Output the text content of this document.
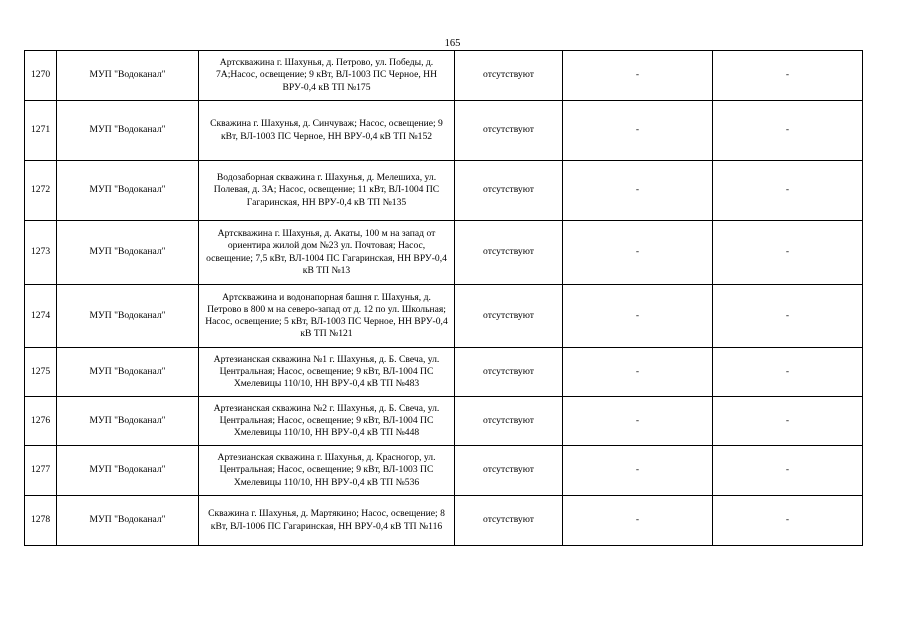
165
1270	МУП "Водоканал"	Артскважина г. Шахунья, д. Петрово, ул. Победы, д. 7А;Насос, освещение; 9 кВт, ВЛ-1003 ПС Черное, НН ВРУ-0,4 кВ ТП №175	отсутствуют	-	-
1271	МУП "Водоканал"	Скважина г. Шахунья, д. Синчуваж; Насос, освещение; 9 кВт, ВЛ-1003 ПС Черное, НН ВРУ-0,4 кВ ТП №152	отсутствуют	-	-
1272	МУП "Водоканал"	Водозаборная скважина г. Шахунья, д. Мелешиха, ул. Полевая, д. 3А; Насос, освещение; 11 кВт, ВЛ-1004 ПС Гагаринская, НН ВРУ-0,4 кВ ТП №135	отсутствуют	-	-
1273	МУП "Водоканал"	Артскважина г. Шахунья, д. Акаты, 100 м на запад от ориентира жилой дом №23 ул. Почтовая; Насос, освещение; 7,5 кВт, ВЛ-1004 ПС Гагаринская, НН ВРУ-0,4 кВ ТП №13	отсутствуют	-	-
1274	МУП "Водоканал"	Артскважина и водонапорная башня г. Шахунья, д. Петрово в 800 м на северо-запад от д. 12 по ул. Школьная; Насос, освещение; 5 кВт, ВЛ-1003 ПС Черное, НН ВРУ-0,4 кВ ТП №121	отсутствуют	-	-
1275	МУП "Водоканал"	Артезианская скважина №1 г. Шахунья, д. Б. Свеча, ул. Центральная; Насос, освещение; 9 кВт, ВЛ-1004 ПС Хмелевицы 110/10, НН ВРУ-0,4 кВ ТП №483	отсутствуют	-	-
1276	МУП "Водоканал"	Артезианская скважина №2 г. Шахунья, д. Б. Свеча, ул. Центральная; Насос, освещение; 9 кВт, ВЛ-1004 ПС Хмелевицы 110/10, НН ВРУ-0,4 кВ ТП №448	отсутствуют	-	-
1277	МУП "Водоканал"	Артезианская скважина г. Шахунья, д. Красногор, ул. Центральная; Насос, освещение; 9 кВт, ВЛ-1003 ПС Хмелевицы 110/10, НН ВРУ-0,4 кВ ТП №536	отсутствуют	-	-
1278	МУП "Водоканал"	Скважина г. Шахунья, д. Мартякино; Насос, освещение; 8 кВт, ВЛ-1006 ПС Гагаринская, НН ВРУ-0,4 кВ ТП №116	отсутствуют	-	-
